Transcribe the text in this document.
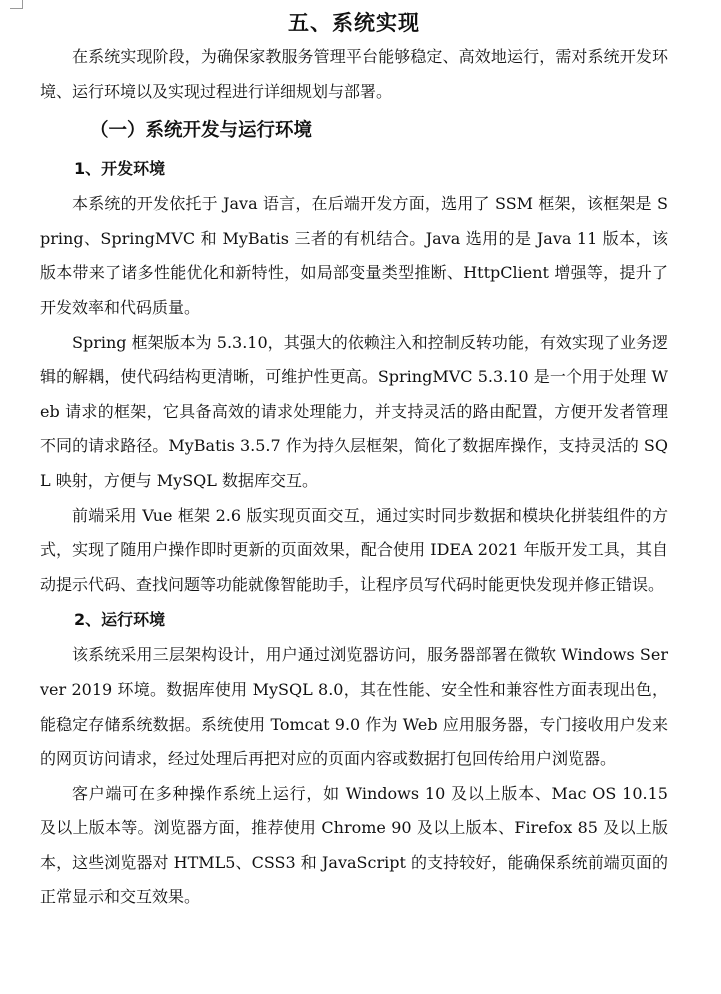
五、系统实现

在系统实现阶段，为确保家教服务管理平台能够稳定、高效地运行，需对系统开发环境、运行环境以及实现过程进行详细规划与部署。

（一）系统开发与运行环境
1、开发环境

本系统的开发依托于 Java 语言，在后端开发方面，选用了 SSM 框架，该框架是 Spring、SpringMVC 和 MyBatis 三者的有机结合。Java 选用的是 Java 11 版本，该版本带来了诸多性能优化和新特性，如局部变量类型推断、HttpClient 增强等，提升了开发效率和代码质量。

Spring 框架版本为 5.3.10，其强大的依赖注入和控制反转功能，有效实现了业务逻辑的解耦，使代码结构更清晰，可维护性更高。SpringMVC 5.3.10 是一个用于处理 Web 请求的框架，它具备高效的请求处理能力，并支持灵活的路由配置，方便开发者管理不同的请求路径。MyBatis 3.5.7 作为持久层框架，简化了数据库操作，支持灵活的 SQL 映射，方便与 MySQL 数据库交互。

前端采用 Vue 框架 2.6 版实现页面交互，通过实时同步数据和模块化拼装组件的方式，实现了随用户操作即时更新的页面效果，配合使用 IDEA 2021 年版开发工具，其自动提示代码、查找问题等功能就像智能助手，让程序员写代码时能更快发现并修正错误。

2、运行环境

该系统采用三层架构设计，用户通过浏览器访问，服务器部署在微软 Windows Server 2019 环境。数据库使用 MySQL 8.0，其在性能、安全性和兼容性方面表现出色，能稳定存储系统数据。系统使用 Tomcat 9.0 作为 Web 应用服务器，专门接收用户发来的网页访问请求，经过处理后再把对应的页面内容或数据打包回传给用户浏览器。

客户端可在多种操作系统上运行，如 Windows 10 及以上版本、Mac OS 10.15 及以上版本等。浏览器方面，推荐使用 Chrome 90 及以上版本、Firefox 85 及以上版本，这些浏览器对 HTML5、CSS3 和 JavaScript 的支持较好，能确保系统前端页面的正常显示和交互效果。
